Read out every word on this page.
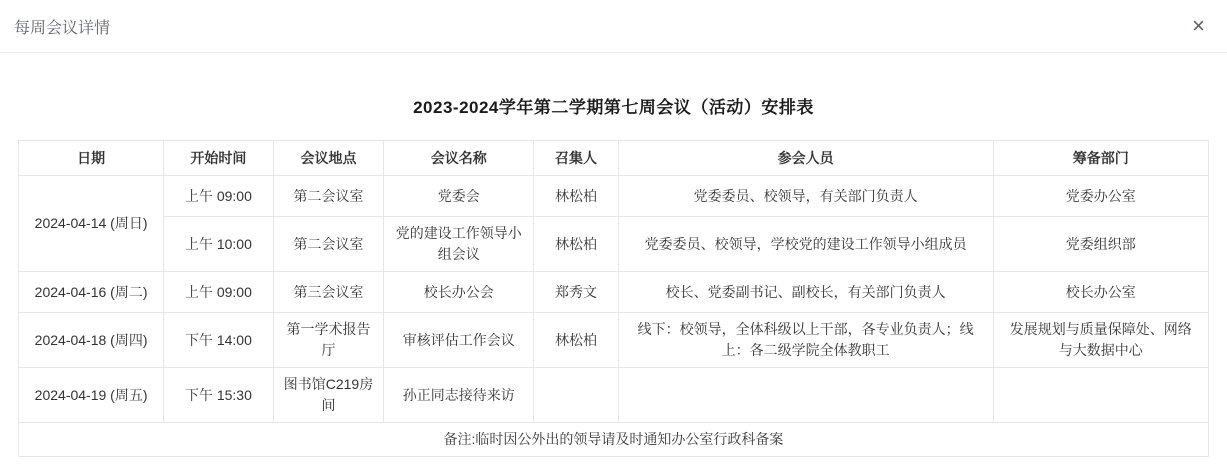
每周会议详情	×
2023-2024学年第二学期第七周会议（活动）安排表
日期	开始时间	会议地点	会议名称	召集人	参会人员	筹备部门
2024-04-14 (周日)	上午 09:00	第二会议室	党委会	林松柏	党委委员、校领导，有关部门负责人	党委办公室
	上午 10:00	第二会议室	党的建设工作领导小组会议	林松柏	党委委员、校领导，学校党的建设工作领导小组成员	党委组织部
2024-04-16 (周二)	上午 09:00	第三会议室	校长办公会	郑秀文	校长、党委副书记、副校长，有关部门负责人	校长办公室
2024-04-18 (周四)	下午 14:00	第一学术报告厅	审核评估工作会议	林松柏	线下：校领导，全体科级以上干部，各专业负责人；线上：各二级学院全体教职工	发展规划与质量保障处、网络与大数据中心
2024-04-19 (周五)	下午 15:30	图书馆C219房间	孙正同志接待来访			
备注:临时因公外出的领导请及时通知办公室行政科备案						
